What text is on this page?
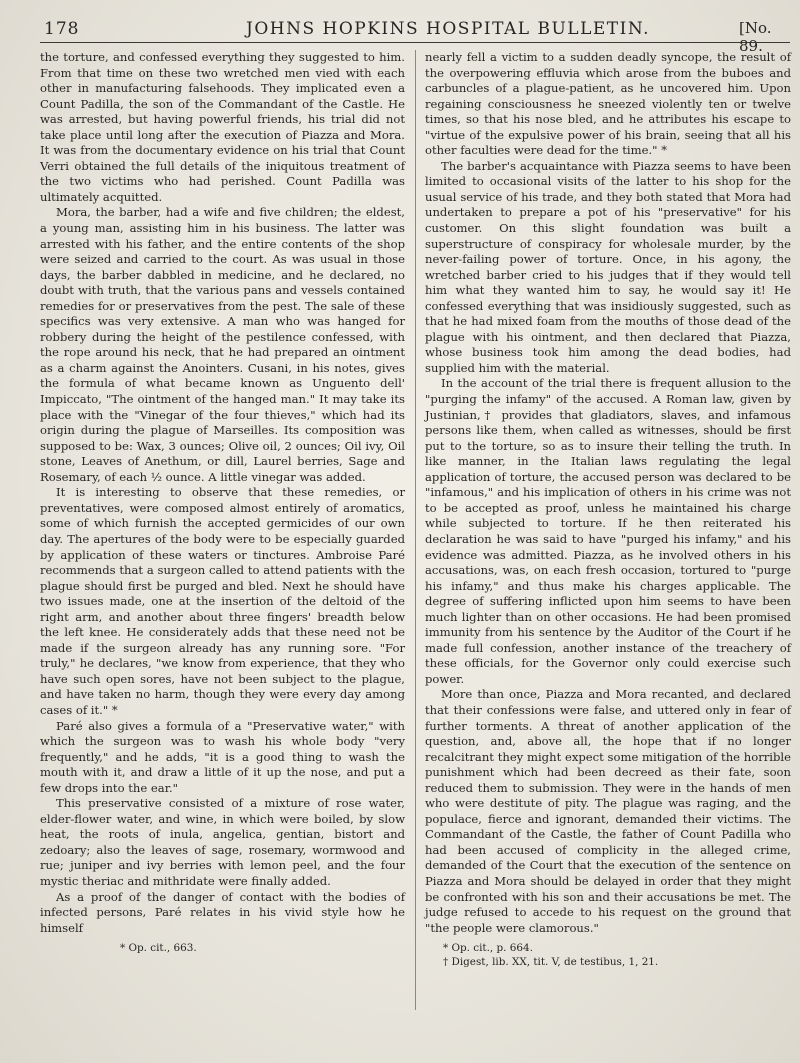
178	JOHNS HOPKINS HOSPITAL BULLETIN.	[No. 89.

the torture, and confessed everything they suggested to him. From that time on these two wretched men vied with each other in manufacturing falsehoods. They implicated even a Count Padilla, the son of the Commandant of the Castle. He was arrested, but having powerful friends, his trial did not take place until long after the execution of Piazza and Mora. It was from the documentary evidence on his trial that Count Verri obtained the full details of the iniquitous treatment of the two victims who had perished. Count Padilla was ultimately acquitted.

Mora, the barber, had a wife and five children; the eldest, a young man, assisting him in his business. The latter was arrested with his father, and the entire contents of the shop were seized and carried to the court. As was usual in those days, the barber dabbled in medicine, and he declared, no doubt with truth, that the various pans and vessels contained remedies for or preservatives from the pest. The sale of these specifics was very extensive. A man who was hanged for robbery during the height of the pestilence confessed, with the rope around his neck, that he had prepared an ointment as a charm against the Anointers. Cusani, in his notes, gives the formula of what became known as Unguento dell' Impiccato, "The ointment of the hanged man." It may take its place with the "Vinegar of the four thieves," which had its origin during the plague of Marseilles. Its composition was supposed to be: Wax, 3 ounces; Olive oil, 2 ounces; Oil ivy, Oil stone, Leaves of Anethum, or dill, Laurel berries, Sage and Rosemary, of each ½ ounce. A little vinegar was added.

It is interesting to observe that these remedies, or preventatives, were composed almost entirely of aromatics, some of which furnish the accepted germicides of our own day. The apertures of the body were to be especially guarded by application of these waters or tinctures. Ambroise Paré recommends that a surgeon called to attend patients with the plague should first be purged and bled. Next he should have two issues made, one at the insertion of the deltoid of the right arm, and another about three fingers' breadth below the left knee. He considerately adds that these need not be made if the surgeon already has any running sore. "For truly," he declares, "we know from experience, that they who have such open sores, have not been subject to the plague, and have taken no harm, though they were every day among cases of it." *

Paré also gives a formula of a "Preservative water," with which the surgeon was to wash his whole body "very frequently," and he adds, "it is a good thing to wash the mouth with it, and draw a little of it up the nose, and put a few drops into the ear."

This preservative consisted of a mixture of rose water, elder-flower water, and wine, in which were boiled, by slow heat, the roots of inula, angelica, gentian, bistort and zedoary; also the leaves of sage, rosemary, wormwood and rue; juniper and ivy berries with lemon peel, and the four mystic theriac and mithridate were finally added.

As a proof of the danger of contact with the bodies of infected persons, Paré relates in his vivid style how he himself

* Op. cit., 663.

nearly fell a victim to a sudden deadly syncope, the result of the overpowering effluvia which arose from the buboes and carbuncles of a plague-patient, as he uncovered him. Upon regaining consciousness he sneezed violently ten or twelve times, so that his nose bled, and he attributes his escape to "virtue of the expulsive power of his brain, seeing that all his other faculties were dead for the time." *

The barber's acquaintance with Piazza seems to have been limited to occasional visits of the latter to his shop for the usual service of his trade, and they both stated that Mora had undertaken to prepare a pot of his "preservative" for his customer. On this slight foundation was built a superstructure of conspiracy for wholesale murder, by the never-failing power of torture. Once, in his agony, the wretched barber cried to his judges that if they would tell him what they wanted him to say, he would say it! He confessed everything that was insidiously suggested, such as that he had mixed foam from the mouths of those dead of the plague with his ointment, and then declared that Piazza, whose business took him among the dead bodies, had supplied him with the material.

In the account of the trial there is frequent allusion to the "purging the infamy" of the accused. A Roman law, given by Justinian,† provides that gladiators, slaves, and infamous persons like them, when called as witnesses, should be first put to the torture, so as to insure their telling the truth. In like manner, in the Italian laws regulating the legal application of torture, the accused person was declared to be "infamous," and his implication of others in his crime was not to be accepted as proof, unless he maintained his charge while subjected to torture. If he then reiterated his declaration he was said to have "purged his infamy," and his evidence was admitted. Piazza, as he involved others in his accusations, was, on each fresh occasion, tortured to "purge his infamy," and thus make his charges applicable. The degree of suffering inflicted upon him seems to have been much lighter than on other occasions. He had been promised immunity from his sentence by the Auditor of the Court if he made full confession, another instance of the treachery of these officials, for the Governor only could exercise such power.

More than once, Piazza and Mora recanted, and declared that their confessions were false, and uttered only in fear of further torments. A threat of another application of the question, and, above all, the hope that if no longer recalcitrant they might expect some mitigation of the horrible punishment which had been decreed as their fate, soon reduced them to submission. They were in the hands of men who were destitute of pity. The plague was raging, and the populace, fierce and ignorant, demanded their victims. The Commandant of the Castle, the father of Count Padilla who had been accused of complicity in the alleged crime, demanded of the Court that the execution of the sentence on Piazza and Mora should be delayed in order that they might be confronted with his son and their accusations be met. The judge refused to accede to his request on the ground that "the people were clamorous."

* Op. cit., p. 664.
† Digest, lib. XX, tit. V, de testibus, 1, 21.
